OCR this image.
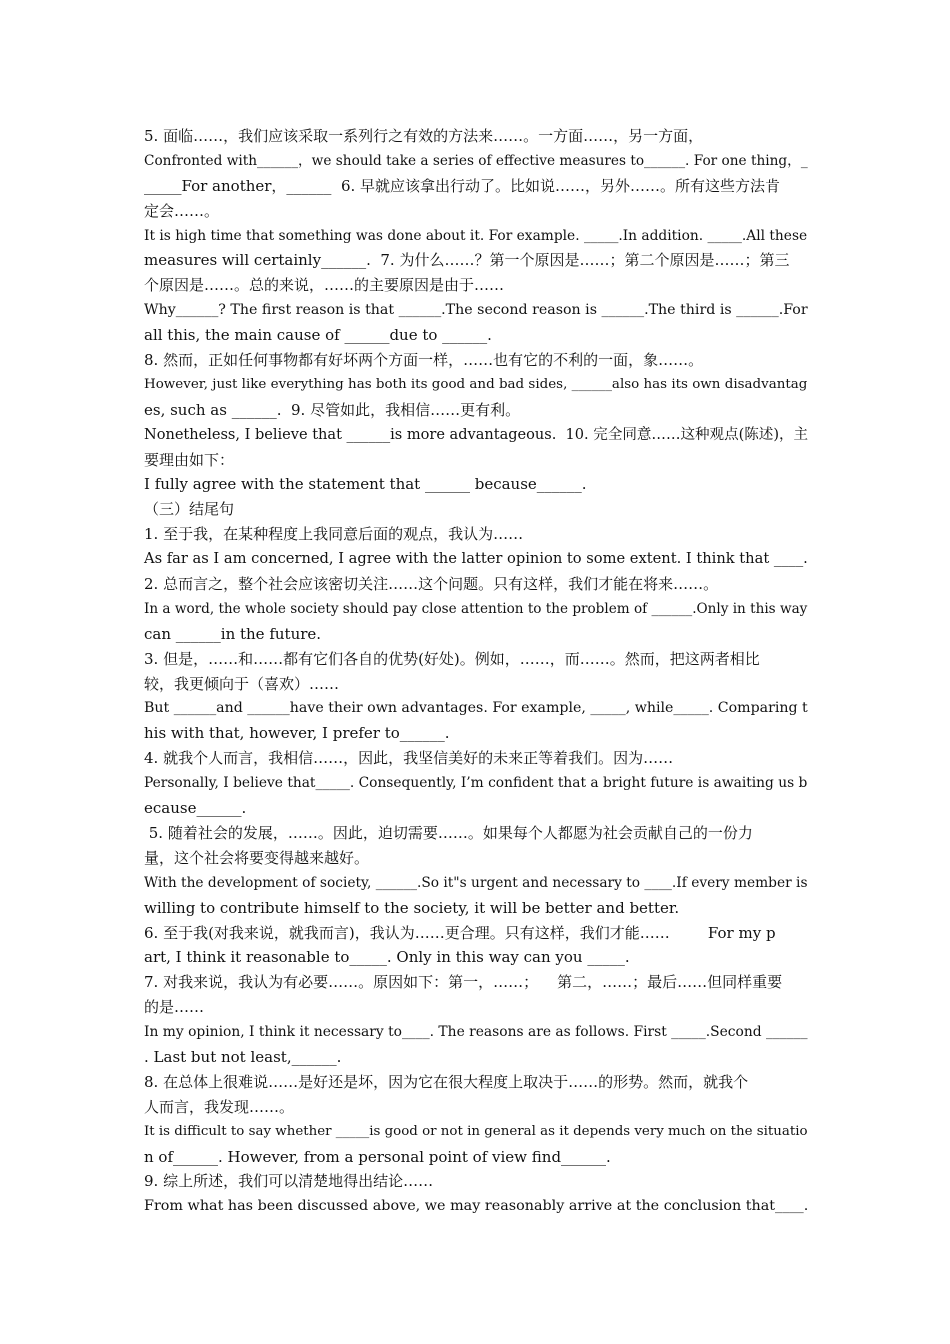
5. 面临……，我们应该采取一系列行之有效的方法来……。一方面……，另一方面，
Confronted with______，we should take a series of effective measures to______. For one thing，_
_____For another，______  6. 早就应该拿出行动了。比如说……，另外……。所有这些方法肯
定会……。
It is high time that something was done about it. For example. _____.In addition. _____.All these
measures will certainly______.  7. 为什么……？第一个原因是……；第二个原因是……；第三
个原因是……。总的来说，……的主要原因是由于……
Why______? The first reason is that ______.The second reason is ______.The third is ______.For
all this, the main cause of ______due to ______.
8. 然而，正如任何事物都有好坏两个方面一样，……也有它的不利的一面，象……。
However, just like everything has both its good and bad sides, ______also has its own disadvantag
es, such as ______.  9. 尽管如此，我相信……更有利。
Nonetheless, I believe that ______is more advantageous.  10. 完全同意……这种观点(陈述)，主
要理由如下：
I fully agree with the statement that ______ because______.
（三）结尾句
1. 至于我，在某种程度上我同意后面的观点，我认为……
As far as I am concerned, I agree with the latter opinion to some extent. I think that ____.
2. 总而言之，整个社会应该密切关注……这个问题。只有这样，我们才能在将来……。
In a word, the whole society should pay close attention to the problem of ______.Only in this way
can ______in the future.
3. 但是，……和……都有它们各自的优势(好处)。例如，……，而……。然而，把这两者相比
较，我更倾向于（喜欢）……
But ______and ______have their own advantages. For example, _____, while_____. Comparing t
his with that, however, I prefer to______.
4. 就我个人而言，我相信……，因此，我坚信美好的未来正等着我们。因为……
Personally, I believe that_____. Consequently, I’m confident that a bright future is awaiting us b
ecause______.
5. 随着社会的发展，……。因此，迫切需要……。如果每个人都愿为社会贡献自己的一份力
量，这个社会将要变得越来越好。
With the development of society, ______.So it"s urgent and necessary to ____.If every member is
willing to contribute himself to the society, it will be better and better.
6. 至于我(对我来说，就我而言)，我认为……更合理。只有这样，我们才能……        For my p
art, I think it reasonable to_____. Only in this way can you _____.
7. 对我来说，我认为有必要……。原因如下：第一，……；    第二，……；最后……但同样重要
的是……
In my opinion, I think it necessary to____. The reasons are as follows. First _____.Second ______
. Last but not least,______.
8. 在总体上很难说……是好还是坏，因为它在很大程度上取决于……的形势。然而，就我个
人而言，我发现……。
It is difficult to say whether _____is good or not in general as it depends very much on the situatio
n of______. However, from a personal point of view find______.
9. 综上所述，我们可以清楚地得出结论……
From what has been discussed above, we may reasonably arrive at the conclusion that____.
